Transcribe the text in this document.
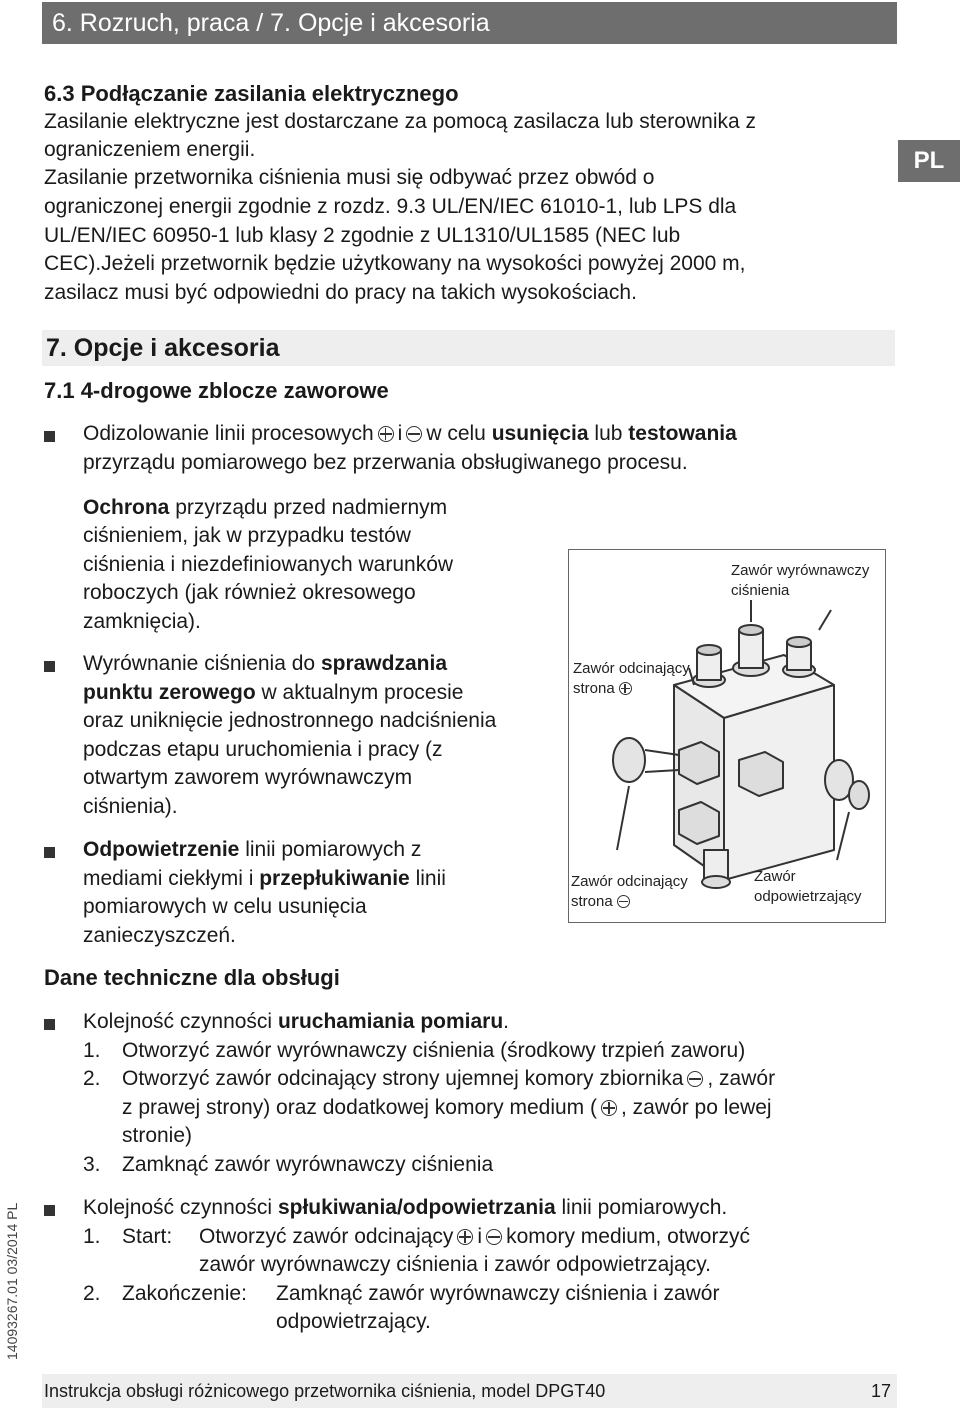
6. Rozruch, praca / 7. Opcje i akcesoria
PL
14093267.01 03/2014 PL
6.3 Podłączanie zasilania elektrycznego
Zasilanie elektryczne jest dostarczane za pomocą zasilacza lub sterownika z
ograniczeniem energii.
Zasilanie przetwornika ciśnienia musi się odbywać przez obwód o
ograniczonej energii zgodnie z rozdz. 9.3 UL/EN/IEC 61010-1, lub LPS dla
UL/EN/IEC 60950-1 lub klasy 2 zgodnie z UL1310/UL1585 (NEC lub
CEC).Jeżeli przetwornik będzie użytkowany na wysokości powyżej 2000 m,
zasilacz musi być odpowiedni do pracy na takich wysokościach.
7. Opcje i akcesoria
7.1 4-drogowe zblocze zaworowe
Odizolowanie linii procesowych i w celu usunięcia lub testowania
przyrządu pomiarowego bez przerwania obsługiwanego procesu.
Ochrona przyrządu przed nadmiernym
ciśnieniem, jak w przypadku testów
ciśnienia i niezdefiniowanych warunków
roboczych (jak również okresowego
zamknięcia).
Wyrównanie ciśnienia do sprawdzania
punktu zerowego w aktualnym procesie
oraz uniknięcie jednostronnego nadciśnienia
podczas etapu uruchomienia i pracy (z
otwartym zaworem wyrównawczym
ciśnienia).
Odpowietrzenie linii pomiarowych z
mediami ciekłymi i przepłukiwanie linii
pomiarowych w celu usunięcia
zanieczyszczeń.
Zawór wyrównawczy
ciśnienia
Zawór odcinający
strona
Zawór odcinający
strona
Zawór
odpowietrzający
Dane techniczne dla obsługi
Kolejność czynności uruchamiania pomiaru.
1. Otworzyć zawór wyrównawczy ciśnienia (środkowy trzpień zaworu)
2. Otworzyć zawór odcinający strony ujemnej komory zbiornika , zawór
z prawej strony) oraz dodatkowej komory medium ( , zawór po lewej
stronie)
3. Zamknąć zawór wyrównawczy ciśnienia
Kolejność czynności spłukiwania/odpowietrzania linii pomiarowych.
1. Start: Otworzyć zawór odcinający i komory medium, otworzyć
zawór wyrównawczy ciśnienia i zawór odpowietrzający.
2. Zakończenie: Zamknąć zawór wyrównawczy ciśnienia i zawór
odpowietrzający.
Instrukcja obsługi różnicowego przetwornika ciśnienia, model DPGT40	17
